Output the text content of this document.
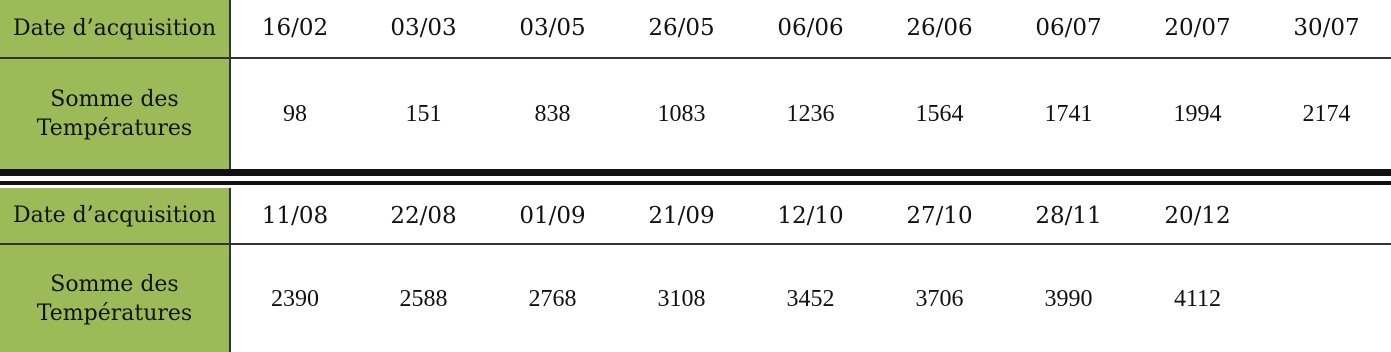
Date d’acquisition	16/02	03/03	03/05	26/05	06/06	26/06	06/07	20/07	30/07
Somme des Températures	98	151	838	1083	1236	1564	1741	1994	2174
Date d’acquisition	11/08	22/08	01/09	21/09	12/10	27/10	28/11	20/12	
Somme des Températures	2390	2588	2768	3108	3452	3706	3990	4112	
